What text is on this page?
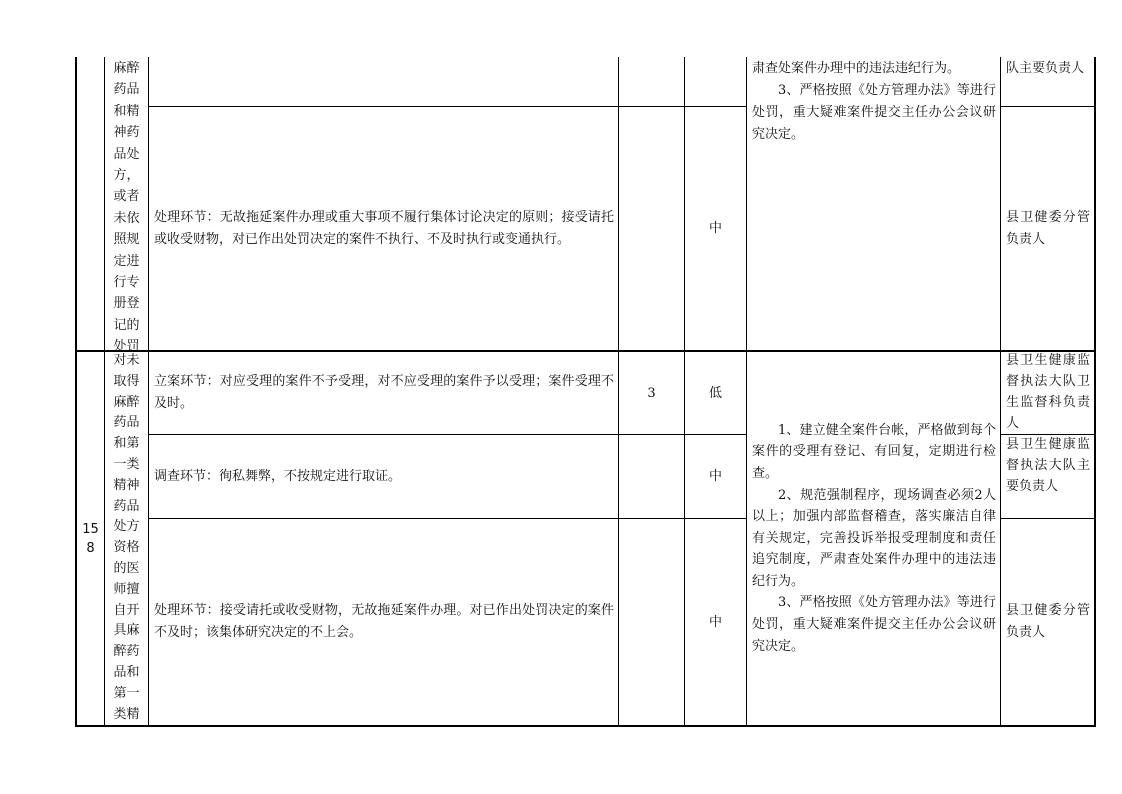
麻醉
药品
和精
神药
品处
方，
或者
未依
照规
定进
行专
册登
记的
处罚

肃查处案件办理中的违法违纪行为。

3、严格按照《处方管理办法》等进行处罚，重大疑难案件提交主任办公会议研究决定。

队主要负责人
处理环节：无故拖延案件办理或重大事项不履行集体讨论决定的原则；接受请托或收受财物，对已作出处罚决定的案件不执行、不及时执行或变通执行。
中
县卫健委分管负责人
158
对未
取得
麻醉
药品
和第
一类
精神
药品
处方
资格
的医
师擅
自开
具麻
醉药
品和
第一
类精
立案环节：对应受理的案件不予受理，对不应受理的案件予以受理；案件受理不及时。
3	低
县卫生健康监督执法大队卫生监督科负责人
调查环节：徇私舞弊，不按规定进行取证。	中
县卫生健康监督执法大队主要负责人
处理环节：接受请托或收受财物，无故拖延案件办理。对已作出处罚决定的案件不及时；该集体研究决定的不上会。
中
县卫健委分管负责人

1、建立健全案件台帐，严格做到每个案件的受理有登记、有回复，定期进行检查。

2、规范强制程序，现场调查必须2人以上；加强内部监督稽查，落实廉洁自律有关规定，完善投诉举报受理制度和责任追究制度，严肃查处案件办理中的违法违纪行为。

3、严格按照《处方管理办法》等进行处罚，重大疑难案件提交主任办公会议研究决定。
